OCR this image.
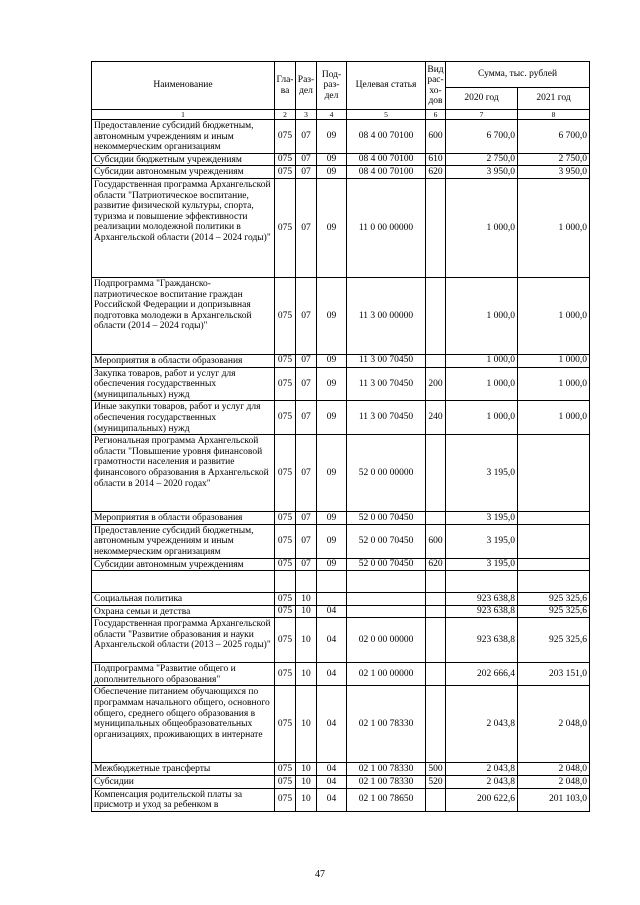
Наименование	Гла-ва	Раз-дел	Под-раз-дел	Целевая статья	Вид рас-хо-дов	Сумма, тыс. рублей	
						2020 год	2021 год
1	2	3	4	5	6	7	8
Предоставление субсидий бюджетным, автономным учреждениям и иным некоммерческим организациям	075	07	09	08 4 00 70100	600	6 700,0	6 700,0
Субсидии бюджетным учреждениям	075	07	09	08 4 00 70100	610	2 750,0	2 750,0
Субсидии автономным учреждениям	075	07	09	08 4 00 70100	620	3 950,0	3 950,0
Государственная программа Архангельской области "Патриотическое воспитание, развитие физической культуры, спорта, туризма и повышение эффективности реализации молодежной политики в Архангельской области (2014 – 2024 годы)"	075	07	09	11 0 00 00000		1 000,0	1 000,0
Подпрограмма "Гражданско-патриотическое воспитание граждан Российской Федерации и допризывная подготовка молодежи в Архангельской области (2014 – 2024 годы)"	075	07	09	11 3 00 00000		1 000,0	1 000,0
Мероприятия в области образования	075	07	09	11 3 00 70450		1 000,0	1 000,0
Закупка товаров, работ и услуг для обеспечения государственных (муниципальных) нужд	075	07	09	11 3 00 70450	200	1 000,0	1 000,0
Иные закупки товаров, работ и услуг для обеспечения государственных (муниципальных) нужд	075	07	09	11 3 00 70450	240	1 000,0	1 000,0
Региональная программа Архангельской области "Повышение уровня финансовой грамотности населения и развитие финансового образования в Архангельской области в 2014 – 2020 годах"	075	07	09	52 0 00 00000		3 195,0	
Мероприятия в области образования	075	07	09	52 0 00 70450		3 195,0	
Предоставление субсидий бюджетным, автономным учреждениям и иным некоммерческим организациям	075	07	09	52 0 00 70450	600	3 195,0	
Субсидии автономным учреждениям	075	07	09	52 0 00 70450	620	3 195,0	

Социальная политика	075	10				923 638,8	925 325,6
Охрана семьи и детства	075	10	04			923 638,8	925 325,6
Государственная программа Архангельской области "Развитие образования и науки Архангельской области (2013 – 2025 годы)"	075	10	04	02 0 00 00000		923 638,8	925 325,6
Подпрограмма "Развитие общего и дополнительного образования"	075	10	04	02 1 00 00000		202 666,4	203 151,0
Обеспечение питанием обучающихся по программам начального общего, основного общего, среднего общего образования в муниципальных общеобразовательных организациях, проживающих в интернате	075	10	04	02 1 00 78330		2 043,8	2 048,0
Межбюджетные трансферты	075	10	04	02 1 00 78330	500	2 043,8	2 048,0
Субсидии	075	10	04	02 1 00 78330	520	2 043,8	2 048,0
Компенсация родительской платы за присмотр и уход за ребенком в	075	10	04	02 1 00 78650		200 622,6	201 103,0
47
